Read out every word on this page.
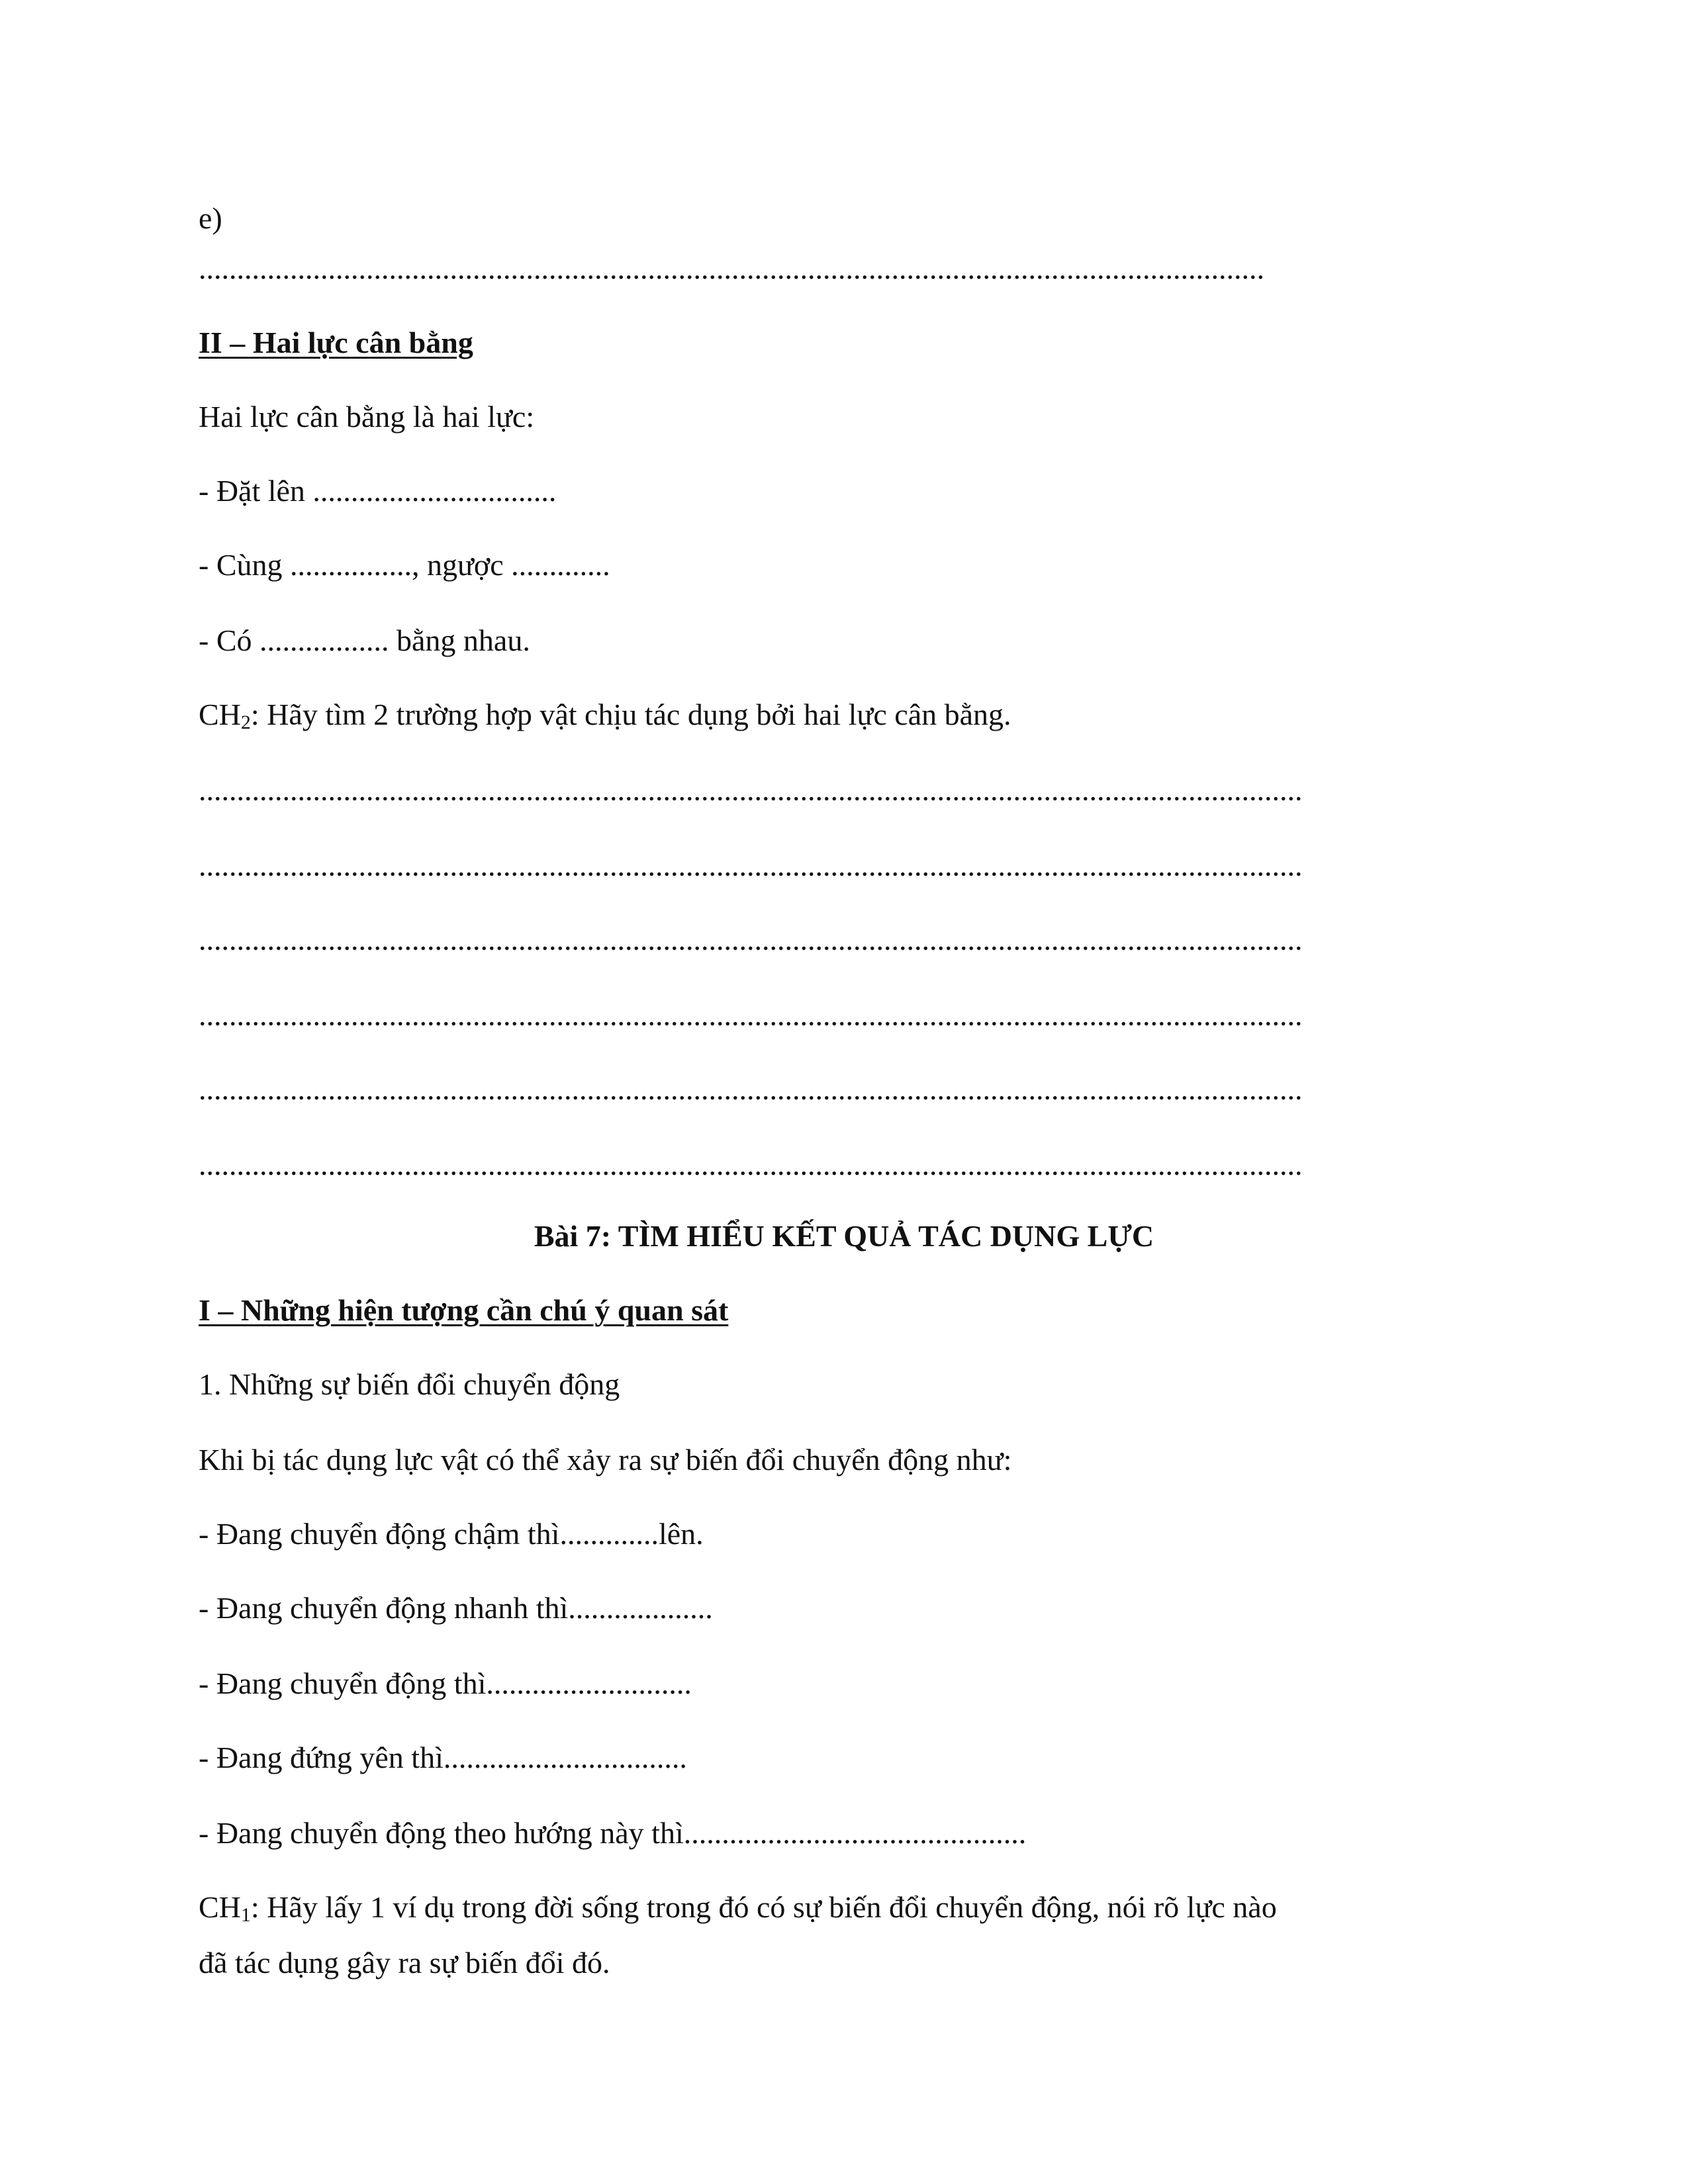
e)
............................................................................................................................................
II – Hai lực cân bằng
Hai lực cân bằng là hai lực:
- Đặt lên ................................
- Cùng ................, ngược .............
- Có ................. bằng nhau.
$CH_2$: Hãy tìm 2 trường hợp vật chịu tác dụng bởi hai lực cân bằng.
.................................................................................................................................................
.................................................................................................................................................
.................................................................................................................................................
.................................................................................................................................................
.................................................................................................................................................
.................................................................................................................................................
Bài 7: TÌM HIỂU KẾT QUẢ TÁC DỤNG LỰC
I – Những hiện tượng cần chú ý quan sát
1. Những sự biến đổi chuyển động
Khi bị tác dụng lực vật có thể xảy ra sự biến đổi chuyển động như:
- Đang chuyển động chậm thì.............lên.
- Đang chuyển động nhanh thì...................
- Đang chuyển động thì...........................
- Đang đứng yên thì................................
- Đang chuyển động theo hướng này thì.............................................
$CH_1$: Hãy lấy 1 ví dụ trong đời sống trong đó có sự biến đổi chuyển động, nói rõ lực nào
đã tác dụng gây ra sự biến đổi đó.
